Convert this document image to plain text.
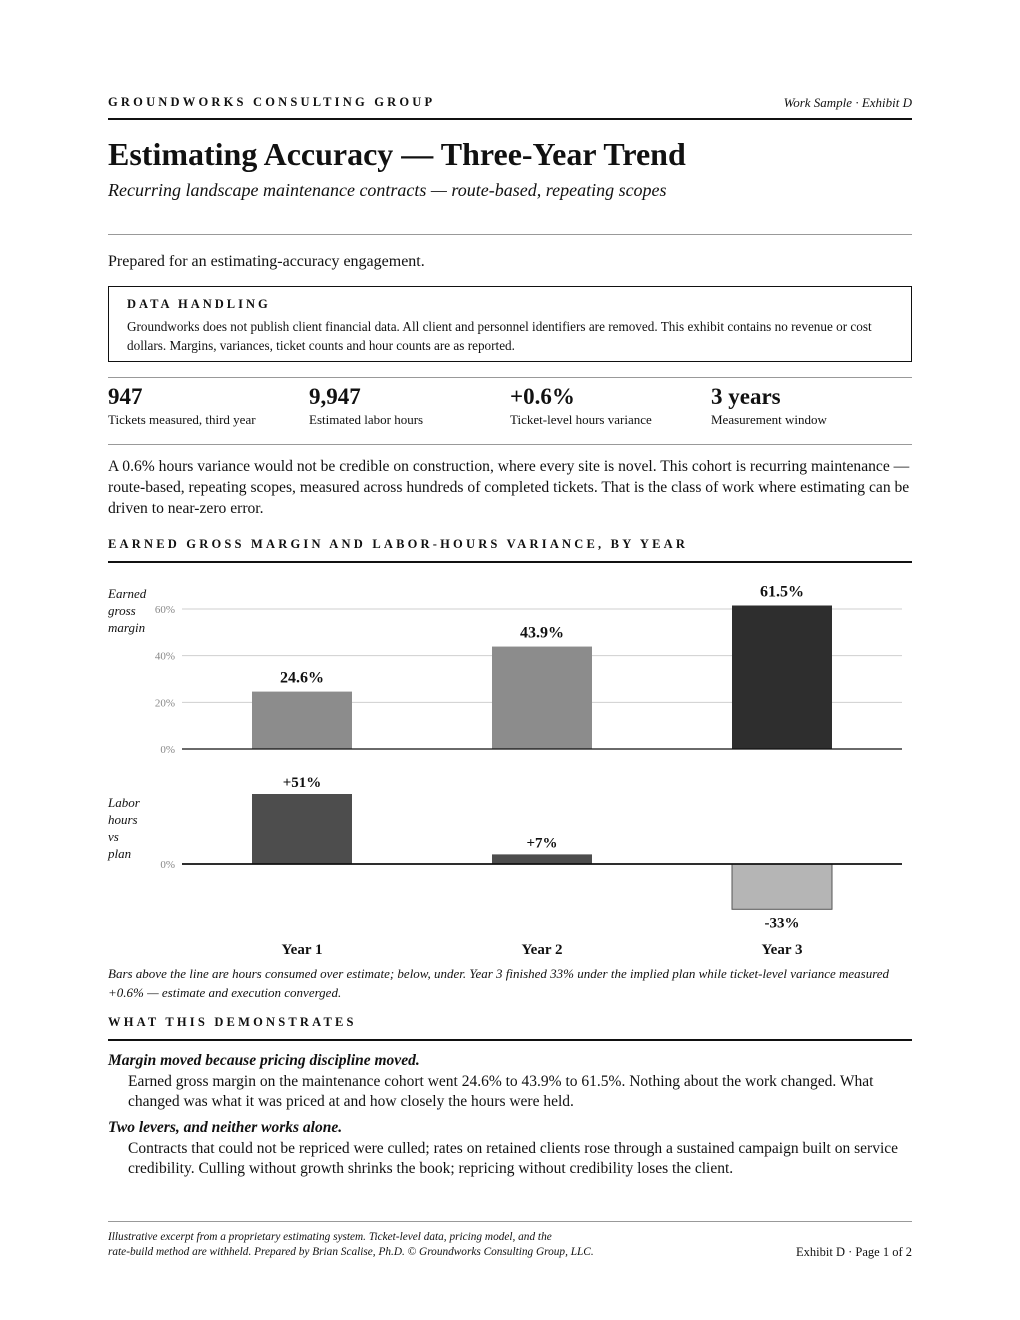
GROUNDWORKS CONSULTING GROUP	Work Sample · Exhibit D
Estimating Accuracy — Three-Year Trend
Recurring landscape maintenance contracts — route-based, repeating scopes
Prepared for an estimating-accuracy engagement.
DATA HANDLING
Groundworks does not publish client financial data. All client and personnel identifiers are removed. This exhibit contains no revenue or cost dollars. Margins, variances, ticket counts and hour counts are as reported.
947
Tickets measured, third year
9,947
Estimated labor hours
+0.6%
Ticket-level hours variance
3 years
Measurement window

A 0.6% hours variance would not be credible on construction, where every site is novel. This cohort is recurring maintenance — route-based, repeating scopes, measured across hundreds of completed tickets. That is the class of work where estimating can be driven to near-zero error.

EARNED GROSS MARGIN AND LABOR-HOURS VARIANCE, BY YEAR
Earned
gross
margin
0%
20%
40%
60%
24.6%
43.9%
61.5%
Labor
hours
vs
plan
0%
+51%
+7%
-33%
Year 1	Year 2	Year 3
Bars above the line are hours consumed over estimate; below, under. Year 3 finished 33% under the implied plan while ticket-level variance measured +0.6% — estimate and execution converged.
WHAT THIS DEMONSTRATES
Margin moved because pricing discipline moved.
Earned gross margin on the maintenance cohort went 24.6% to 43.9% to 61.5%. Nothing about the work changed. What changed was what it was priced at and how closely the hours were held.
Two levers, and neither works alone.
Contracts that could not be repriced were culled; rates on retained clients rose through a sustained campaign built on service credibility. Culling without growth shrinks the book; repricing without credibility loses the client.
Illustrative excerpt from a proprietary estimating system. Ticket-level data, pricing model, and the
rate-build method are withheld. Prepared by Brian Scalise, Ph.D. © Groundworks Consulting Group, LLC.	Exhibit D · Page 1 of 2
